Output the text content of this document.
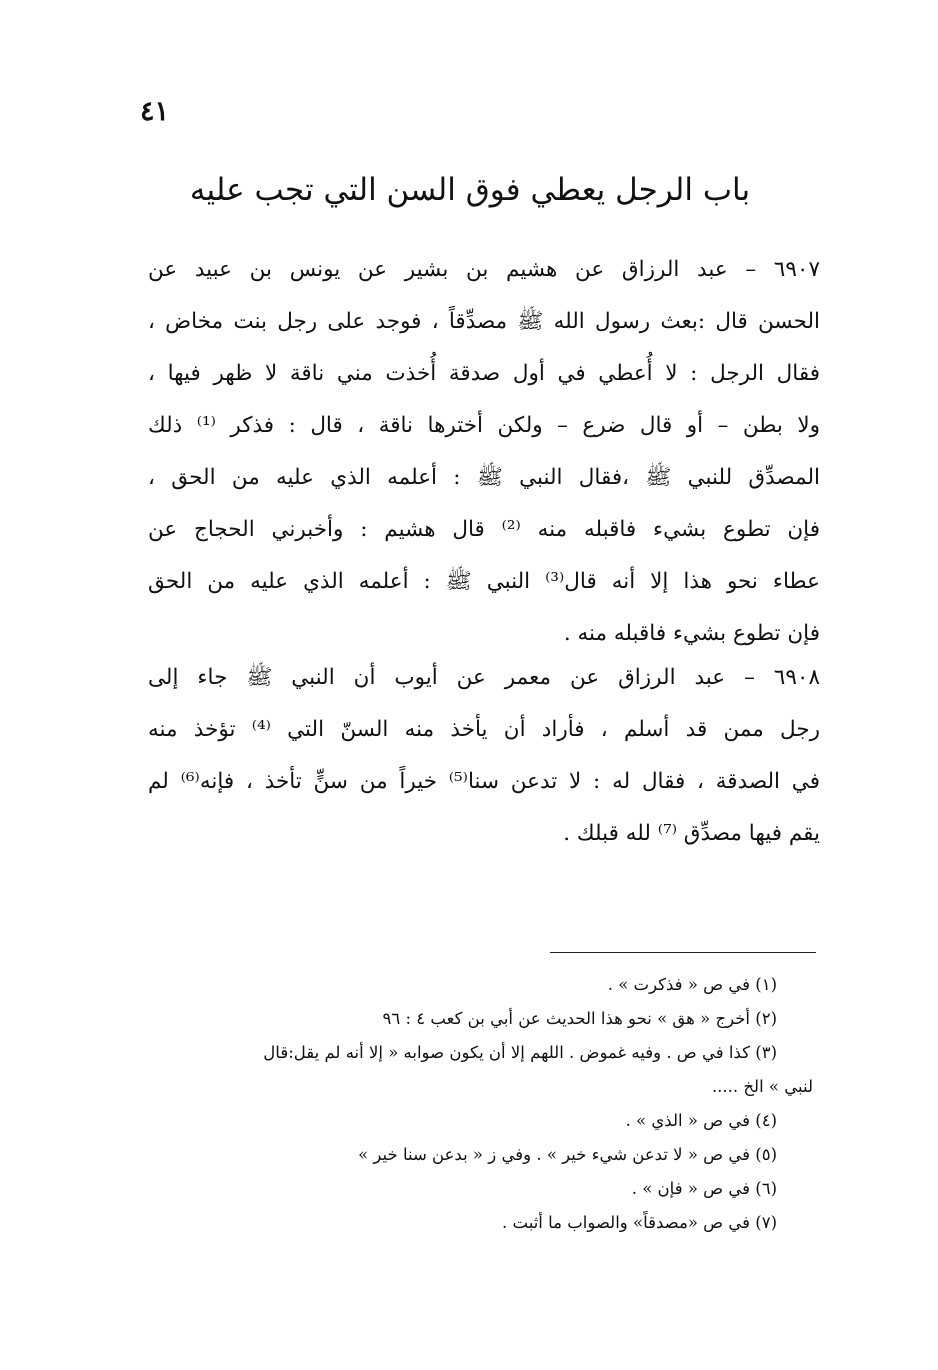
٤١
باب الرجل يعطي فوق السن التي تجب عليه
٦٩٠٧ – عبد الرزاق عن هشيم بن بشير عن يونس بن عبيد عن
الحسن قال :بعث رسول الله ﷺ مصدِّقاً ، فوجد على رجل بنت مخاض ،
فقال الرجل : لا أُعطي في أول صدقة أُخذت مني ناقة لا ظهر فيها ،
ولا بطن – أو قال ضرع – ولكن أخترها ناقة ، قال : فذكر ⁽¹⁾ ذلك
المصدِّق للنبي ﷺ ،فقال النبي ﷺ : أعلمه الذي عليه من الحق ،
فإن تطوع بشيء فاقبله منه ⁽²⁾ قال هشيم : وأخبرني الحجاج عن
عطاء نحو هذا إلا أنه قال⁽³⁾ النبي ﷺ : أعلمه الذي عليه من الحق
فإن تطوع بشيء فاقبله منه .
٦٩٠٨ – عبد الرزاق عن معمر عن أيوب أن النبي ﷺ جاء إلى
رجل ممن قد أسلم ، فأراد أن يأخذ منه السنّ التي ⁽⁴⁾ تؤخذ منه
في الصدقة ، فقال له : لا تدعن سنا⁽⁵⁾ خيراً من سنٍّ تأخذ ، فإنه⁽⁶⁾ لم
يقم فيها مصدِّق ⁽⁷⁾ لله قبلك .
(١) في ص « فذكرت » .
(٢) أخرج « هق » نحو هذا الحديث عن أبي بن كعب ٤ : ٩٦
(٣) كذا في ص . وفيه غموض . اللهم إلا أن يكون صوابه « إلا أنه لم يقل:قال
لنبي » الخ .....
(٤) في ص « الذي » .
(٥) في ص « لا تدعن شيء خير » . وفي ز « بدعن سنا خير »
(٦) في ص « فإن » .
(٧) في ص «مصدقاً» والصواب ما أثبت .
